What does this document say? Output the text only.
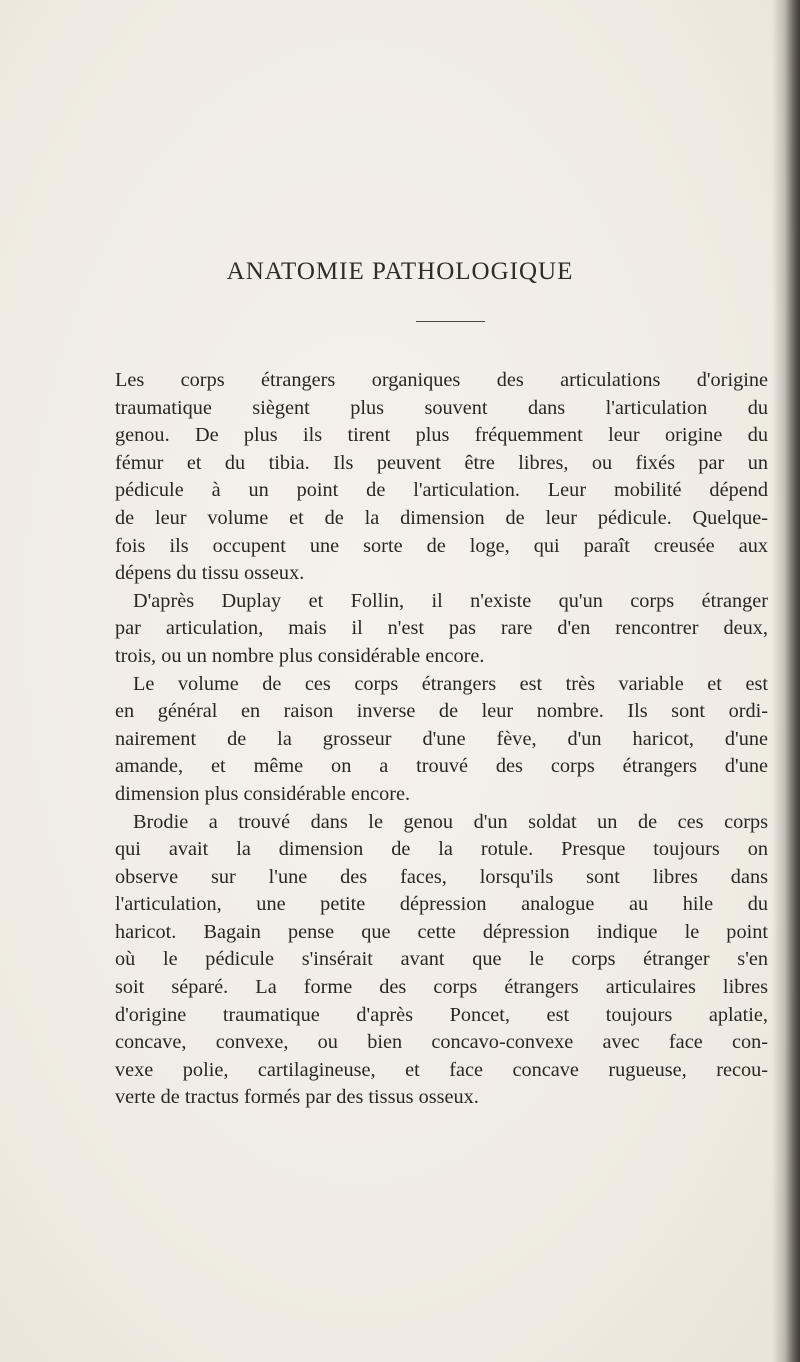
ANATOMIE PATHOLOGIQUE

Les corps étrangers organiques des articulations d'origine
traumatique siègent plus souvent dans l'articulation du
genou. De plus ils tirent plus fréquemment leur origine du
fémur et du tibia. Ils peuvent être libres, ou fixés par un
pédicule à un point de l'articulation. Leur mobilité dépend
de leur volume et de la dimension de leur pédicule. Quelque-
fois ils occupent une sorte de loge, qui paraît creusée aux
dépens du tissu osseux.

D'après Duplay et Follin, il n'existe qu'un corps étranger
par articulation, mais il n'est pas rare d'en rencontrer deux,
trois, ou un nombre plus considérable encore.

Le volume de ces corps étrangers est très variable et est
en général en raison inverse de leur nombre. Ils sont ordi-
nairement de la grosseur d'une fève, d'un haricot, d'une
amande, et même on a trouvé des corps étrangers d'une
dimension plus considérable encore.

Brodie a trouvé dans le genou d'un soldat un de ces corps
qui avait la dimension de la rotule. Presque toujours on
observe sur l'une des faces, lorsqu'ils sont libres dans
l'articulation, une petite dépression analogue au hile du
haricot. Bagain pense que cette dépression indique le point
où le pédicule s'insérait avant que le corps étranger s'en
soit séparé. La forme des corps étrangers articulaires libres
d'origine traumatique d'après Poncet, est toujours aplatie,
concave, convexe, ou bien concavo-convexe avec face con-
vexe polie, cartilagineuse, et face concave rugueuse, recou-
verte de tractus formés par des tissus osseux.
